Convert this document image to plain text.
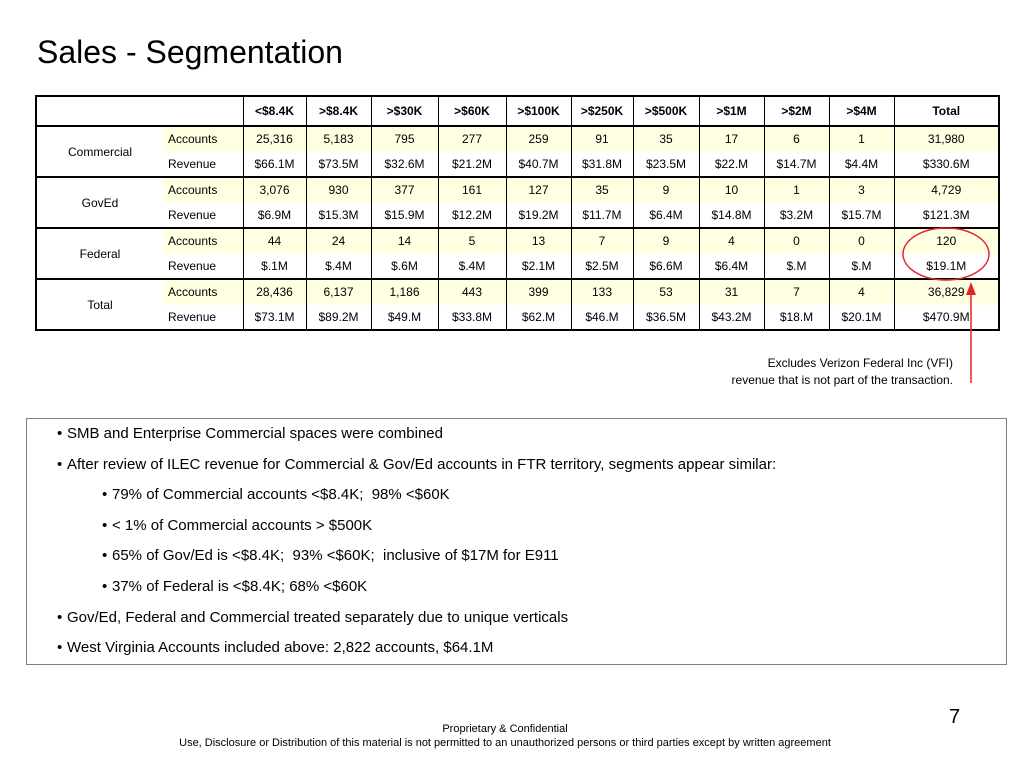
Sales - Segmentation
		<$8.4K	>$8.4K	>$30K	>$60K	>$100K	>$250K	>$500K	>$1M	>$2M	>$4M	Total
Commercial	Accounts	25,316	5,183	795	277	259	91	35	17	6	1	31,980
	Revenue	$66.1M	$73.5M	$32.6M	$21.2M	$40.7M	$31.8M	$23.5M	$22.M	$14.7M	$4.4M	$330.6M
GovEd	Accounts	3,076	930	377	161	127	35	9	10	1	3	4,729
	Revenue	$6.9M	$15.3M	$15.9M	$12.2M	$19.2M	$11.7M	$6.4M	$14.8M	$3.2M	$15.7M	$121.3M
Federal	Accounts	44	24	14	5	13	7	9	4	0	0	120
	Revenue	$.1M	$.4M	$.6M	$.4M	$2.1M	$2.5M	$6.6M	$6.4M	$.M	$.M	$19.1M
Total	Accounts	28,436	6,137	1,186	443	399	133	53	31	7	4	36,829
	Revenue	$73.1M	$89.2M	$49.M	$33.8M	$62.M	$46.M	$36.5M	$43.2M	$18.M	$20.1M	$470.9M
Excludes Verizon Federal Inc (VFI)
revenue that is not part of the transaction.
• SMB and Enterprise Commercial spaces were combined
• After review of ILEC revenue for Commercial & Gov/Ed accounts in FTR territory, segments appear similar:
• 79% of Commercial accounts <$8.4K;  98% <$60K
• < 1% of Commercial accounts > $500K
• 65% of Gov/Ed is <$8.4K;  93% <$60K;  inclusive of $17M for E911
• 37% of Federal is <$8.4K; 68% <$60K
• Gov/Ed, Federal and Commercial treated separately due to unique verticals
• West Virginia Accounts included above: 2,822 accounts, $64.1M
7
Proprietary & Confidential
Use, Disclosure or Distribution of this material is not permitted to an unauthorized persons or third parties except by written agreement
